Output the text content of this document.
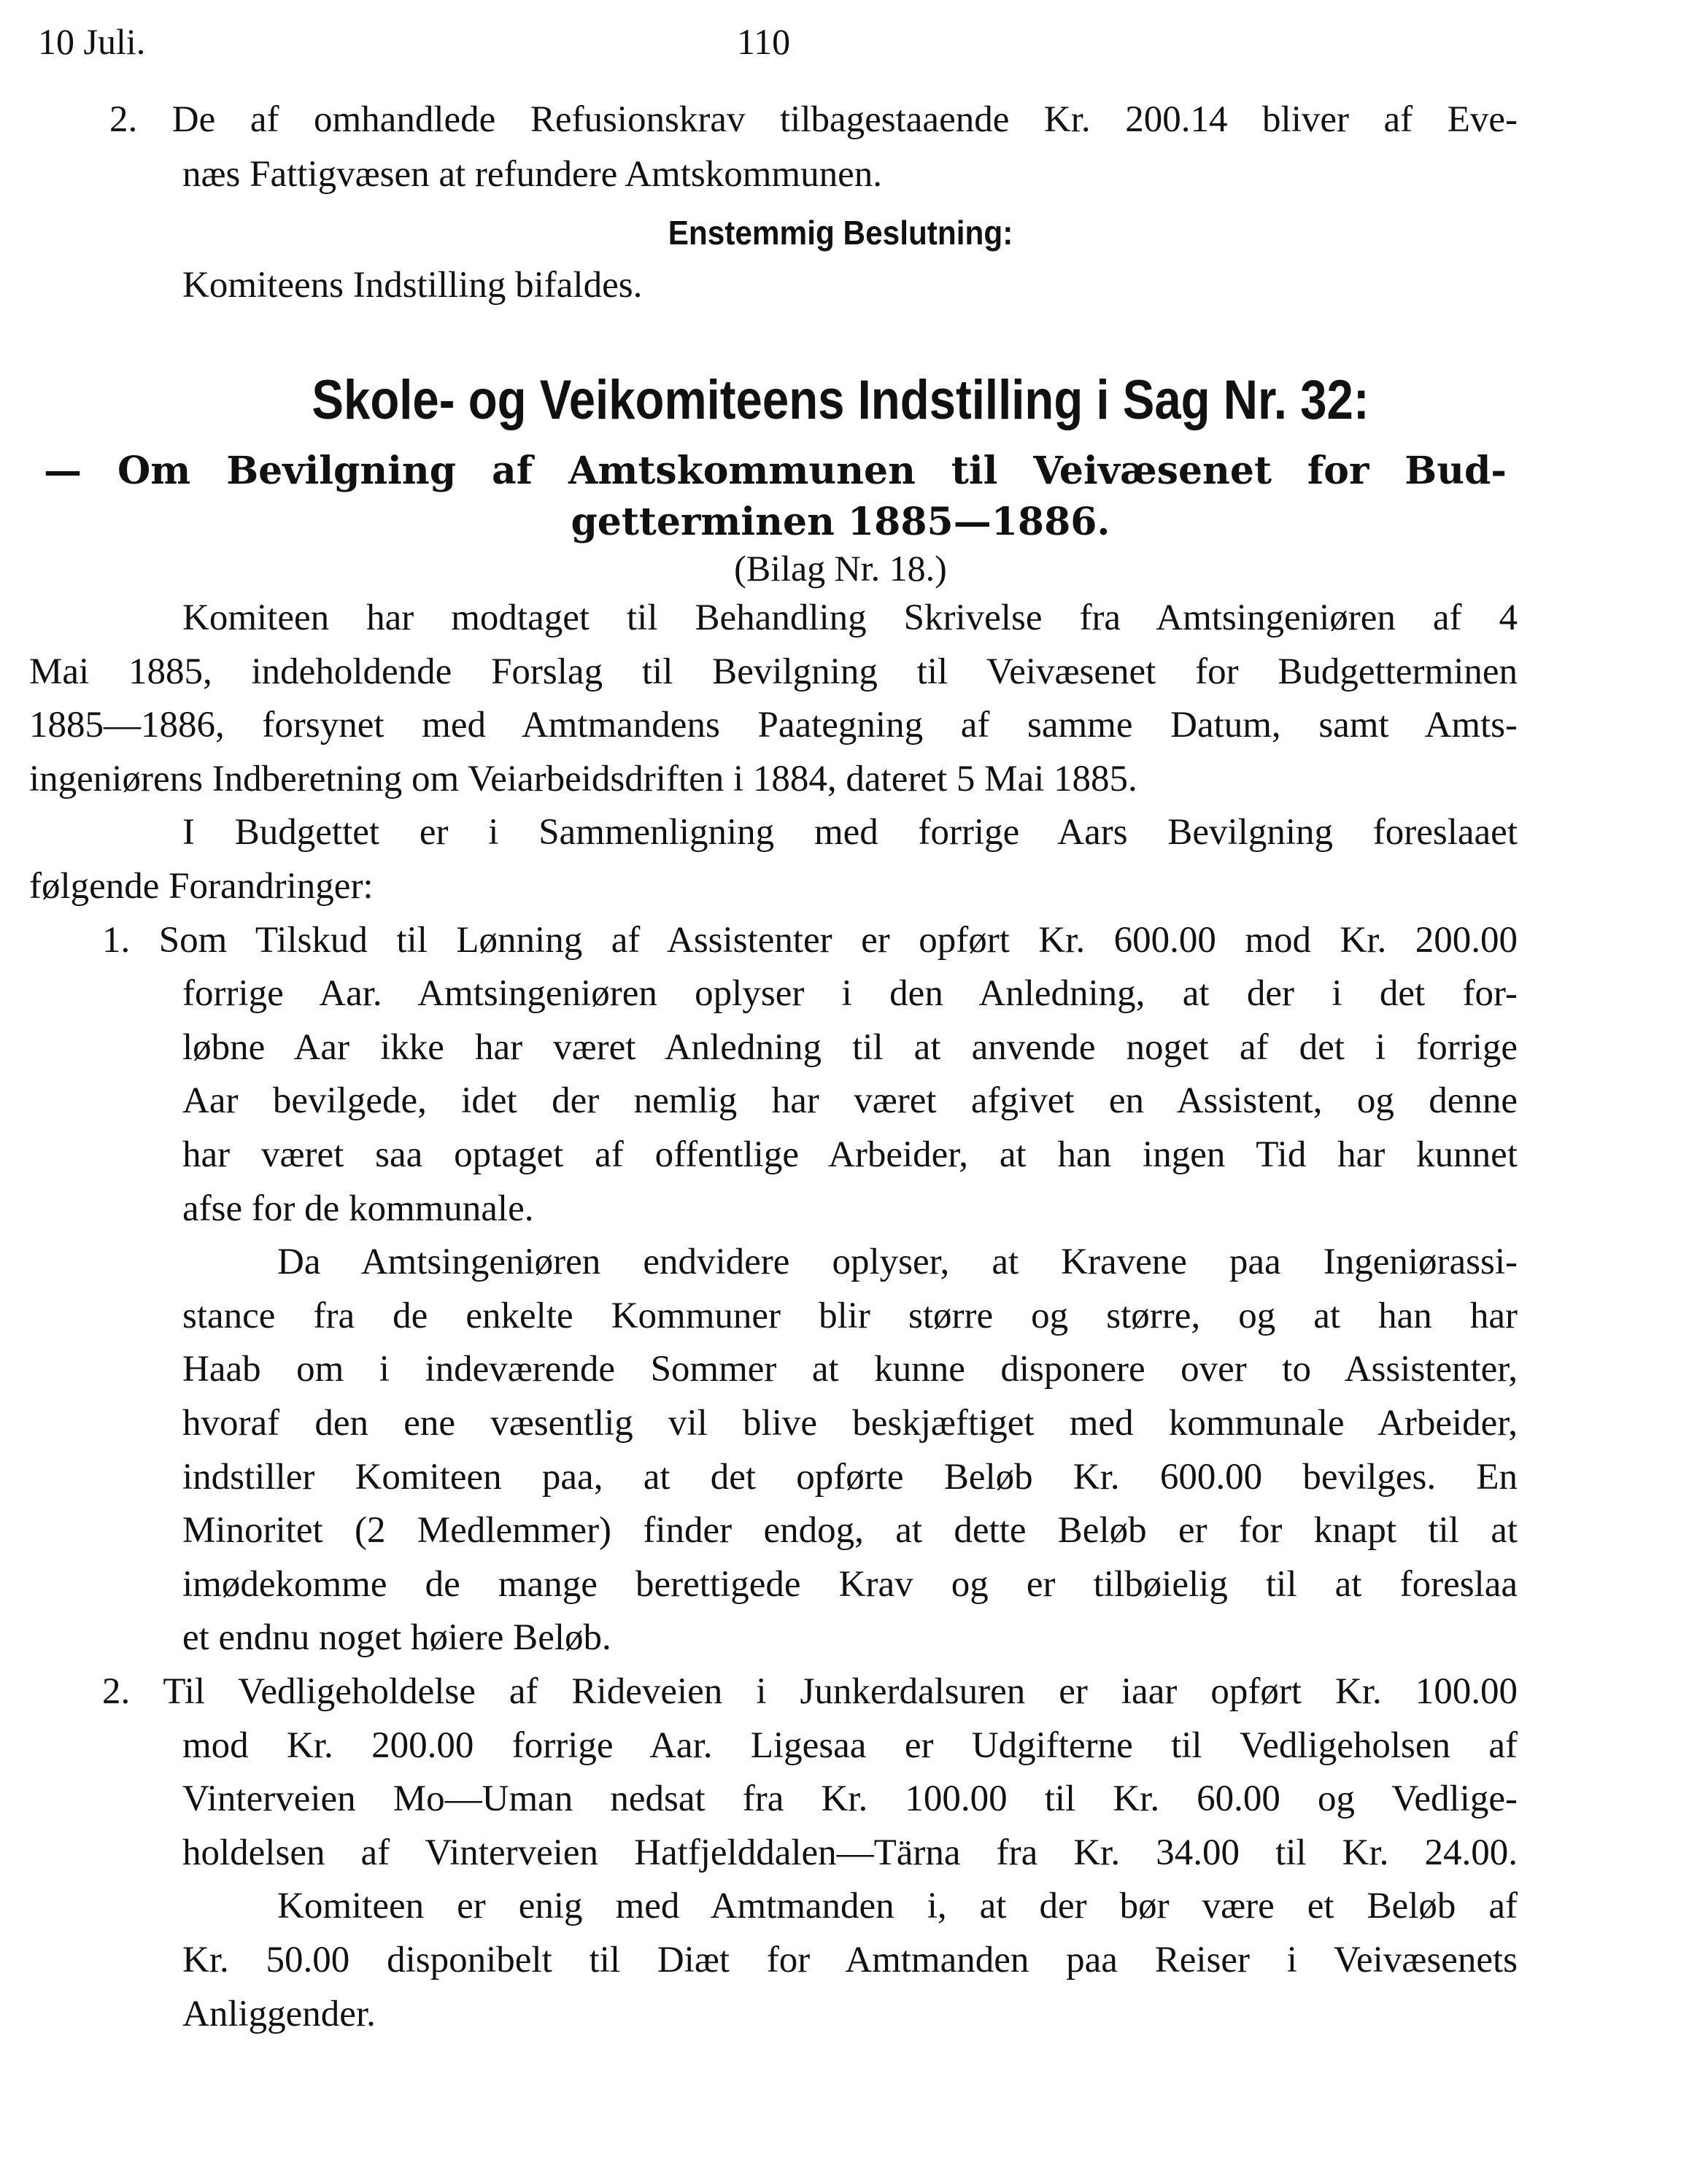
10 Juli.	110
2. De af omhandlede Refusionskrav tilbagestaaende Kr. 200.14 bliver af Eve-
næs Fattigvæsen at refundere Amtskommunen.
Enstemmig Beslutning:
Komiteens Indstilling bifaldes.
Skole- og Veikomiteens Indstilling i Sag Nr. 32:
— Om Bevilgning af Amtskommunen til Veivæsenet for Bud-
getterminen 1885—1886.
(Bilag Nr. 18.)
Komiteen har modtaget til Behandling Skrivelse fra Amtsingeniøren af 4
Mai 1885, indeholdende Forslag til Bevilgning til Veivæsenet for Budgetterminen
1885—1886, forsynet med Amtmandens Paategning af samme Datum, samt Amts-
ingeniørens Indberetning om Veiarbeidsdriften i 1884, dateret 5 Mai 1885.
I Budgettet er i Sammenligning med forrige Aars Bevilgning foreslaaet
følgende Forandringer:
1. Som Tilskud til Lønning af Assistenter er opført Kr. 600.00 mod Kr. 200.00
forrige Aar. Amtsingeniøren oplyser i den Anledning, at der i det for-
løbne Aar ikke har været Anledning til at anvende noget af det i forrige
Aar bevilgede, idet der nemlig har været afgivet en Assistent, og denne
har været saa optaget af offentlige Arbeider, at han ingen Tid har kunnet
afse for de kommunale.
Da Amtsingeniøren endvidere oplyser, at Kravene paa Ingeniørassi-
stance fra de enkelte Kommuner blir større og større, og at han har
Haab om i indeværende Sommer at kunne disponere over to Assistenter,
hvoraf den ene væsentlig vil blive beskjæftiget med kommunale Arbeider,
indstiller Komiteen paa, at det opførte Beløb Kr. 600.00 bevilges. En
Minoritet (2 Medlemmer) finder endog, at dette Beløb er for knapt til at
imødekomme de mange berettigede Krav og er tilbøielig til at foreslaa
et endnu noget høiere Beløb.
2. Til Vedligeholdelse af Rideveien i Junkerdalsuren er iaar opført Kr. 100.00
mod Kr. 200.00 forrige Aar. Ligesaa er Udgifterne til Vedligeholsen af
Vinterveien Mo—Uman nedsat fra Kr. 100.00 til Kr. 60.00 og Vedlige-
holdelsen af Vinterveien Hatfjelddalen—Tärna fra Kr. 34.00 til Kr. 24.00.
Komiteen er enig med Amtmanden i, at der bør være et Beløb af
Kr. 50.00 disponibelt til Diæt for Amtmanden paa Reiser i Veivæsenets
Anliggender.
